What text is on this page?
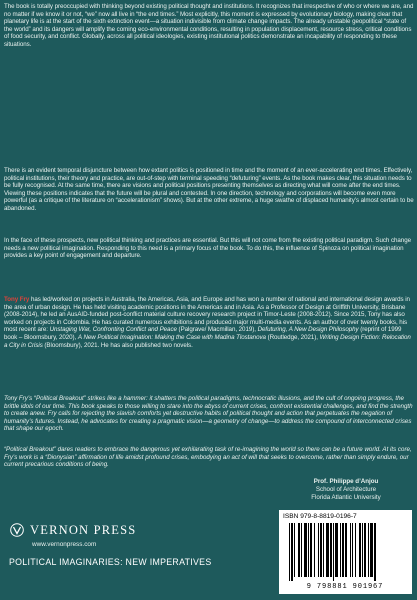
The book is totally preoccupied with thinking beyond existing political thought and institutions. It recognizes that irrespective of who or where we are, and no matter if we know it or not, “we” now all live in “the end times.” Most explicitly, this moment is expressed by evolutionary biology, making clear that planetary life is at the start of the sixth extinction event—a situation indivisible from climate change impacts. The already unstable geopolitical “state of the world” and its dangers will amplify the coming eco-environmental conditions, resulting in population displacement, resource stress, critical conditions of food security, and conflict. Globally, across all political ideologies, existing institutional politics demonstrate an incapability of responding to these situations.

There is an evident temporal disjuncture between how extant politics is positioned in time and the moment of an ever-accelerating end times. Effectively, political institutions, their theory and practice, are out-of-step with terminal speeding “defuturing” events. As the book makes clear, this situation needs to be fully recognised. At the same time, there are visions and political positions presenting themselves as directing what will come after the end times. Viewing these positions indicates that the future will be plural and contested. In one direction, technology and corporations will become even more powerful (as a critique of the literature on “accelerationism” shows). But at the other extreme, a huge swathe of displaced humanity’s almost certain to be abandoned.

In the face of these prospects, new political thinking and practices are essential. But this will not come from the existing political paradigm. Such change needs a new political imagination. Responding to this need is a primary focus of the book. To do this, the influence of Spinoza on political imagination provides a key point of engagement and departure.

Tony Fry has led/worked on projects in Australia, the Americas, Asia, and Europe and has won a number of national and international design awards in the area of urban design. He has held visiting academic positions in the Americas and in Asia. As a Professor of Design at Griffith University, Brisbane (2008-2014), he led an AusAID-funded post-conflict material culture recovery research project in Timor-Leste (2008-2012). Since 2015, Tony has also worked on projects in Colombia. He has curated numerous exhibitions and produced major multi-media events. As an author of over twenty books, his most recent are: Unstaging War, Confronting Conflict and Peace (Palgrave/ Macmillan, 2019), Defuturing, A New Design Philosophy (reprint of 1999 book – Bloomsbury, 2020), A New Political Imagination: Making the Case with Madina Tlostanova (Routledge, 2021), Writing Design Fiction: Relocation a City in Crisis (Bloomsbury), 2021. He has also published two novels.

Tony Fry’s “Political Breakout” strikes like a hammer: it shatters the political paradigms, technocratic illusions, and the cult of ongoing progress, the brittle idols of our time. This book speaks to those willing to stare into the abyss of current crises, confront existential challenges, and find the strength to create anew. Fry calls for rejecting the slavish comforts yet destructive habits of political thought and action that perpetuates the negation of humanity’s futures. Instead, he advocates for creating a pragmatic vision—a geometry of change—to address the compound of interconnected crises that shape our epoch.

“Political Breakout” dares readers to embrace the dangerous yet exhilarating task of re-imagining the world so there can be a future world. At its core, Fry’s work is a “Dionysian” affirmation of life amidst profound crises, embodying an act of will that seeks to overcome, rather than simply endure, our current precarious conditions of being.

Prof. Philippe d’Anjou
School of Architecture
Florida Atlantic University
VERNON PRESS
www.vernonpress.com
POLITICAL IMAGINARIES: NEW IMPERATIVES
ISBN 979-8-8819-0196-7
9 798881 901967
